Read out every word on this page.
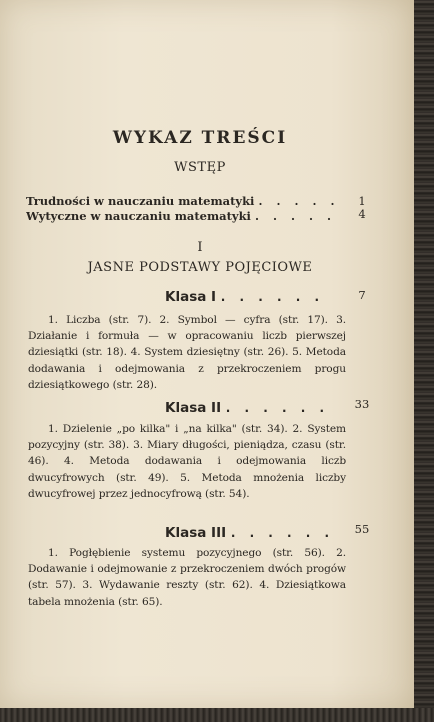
WYKAZ TREŚCI
WSTĘP
Trudności w nauczaniu matematyki . . . . .	1
Wytyczne w nauczaniu matematyki . . . . .	4
I
JASNE PODSTAWY POJĘCIOWE
Klasa I . . . . . .	7
1. Liczba (str. 7). 2. Symbol — cyfra (str. 17). 3. Działanie i formuła — w opracowaniu liczb pierwszej dziesiątki (str. 18). 4. System dziesiętny (str. 26). 5. Metoda dodawania i odejmowania z przekroczeniem progu dziesiątkowego (str. 28).
Klasa II . . . . . .	33
1. Dzielenie „po kilka" i „na kilka" (str. 34). 2. System pozycyjny (str. 38). 3. Miary długości, pieniądza, czasu (str. 46). 4. Metoda dodawania i odejmowania liczb dwucyfrowych (str. 49). 5. Metoda mnożenia liczby dwucyfrowej przez jednocyfrową (str. 54).
Klasa III . . . . . .	55
1. Pogłębienie systemu pozycyjnego (str. 56). 2. Dodawanie i odejmowanie z przekroczeniem dwóch progów (str. 57). 3. Wydawanie reszty (str. 62). 4. Dziesiątkowa tabela mnożenia (str. 65).
